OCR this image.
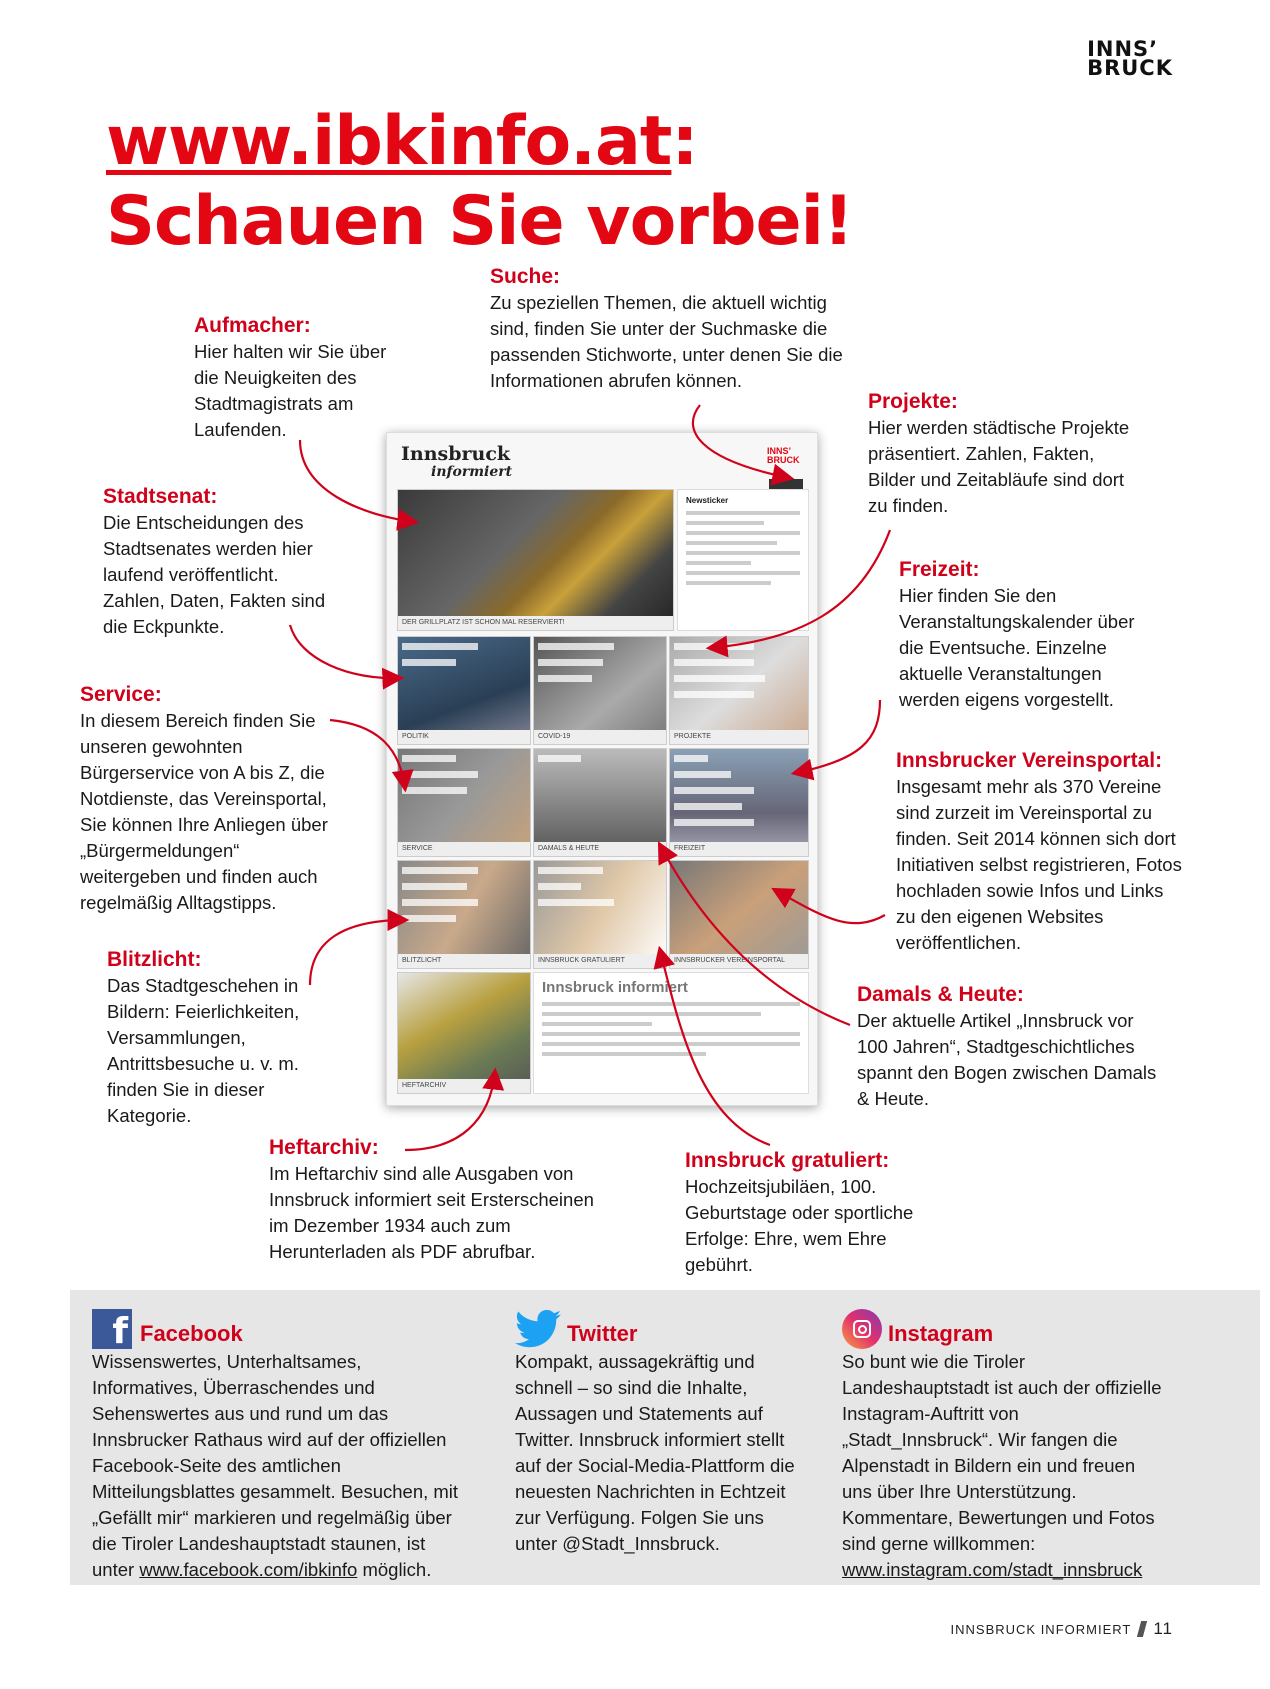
INNS’
BRUCK
www.ibkinfo.at:
Schauen Sie vorbei!
Suche:

Zu speziellen Themen, die aktuell wichtig sind, finden Sie unter der Suchmaske die passenden Stichworte, unter denen Sie die Informationen abrufen können.

Aufmacher:

Hier halten wir Sie über die Neuigkeiten des Stadtmagistrats am Laufenden.

Projekte:

Hier werden städtische Projekte präsentiert. Zahlen, Fakten, Bilder und Zeitabläufe sind dort zu finden.

Stadtsenat:

Die Entscheidungen des Stadtsenates werden hier laufend veröffentlicht. Zahlen, Daten, Fakten sind die Eckpunkte.

Freizeit:

Hier finden Sie den Veranstaltungskalender über die Eventsuche. Einzelne aktuelle Veranstaltungen werden eigens vorgestellt.

Service:

In diesem Bereich finden Sie unseren gewohnten Bürgerservice von A bis Z, die Notdienste, das Vereinsportal, Sie können Ihre Anliegen über „Bürgermeldungen“ weitergeben und finden auch regelmäßig Alltagstipps.

Innsbrucker Vereinsportal:

Insgesamt mehr als 370 Vereine sind zurzeit im Vereinsportal zu finden. Seit 2014 können sich dort Initiativen selbst registrieren, Fotos hochladen sowie Infos und Links zu den eigenen Websites veröffentlichen.

Blitzlicht:

Das Stadtgeschehen in Bildern: Feierlichkeiten, Versammlungen, Antrittsbesuche u. v. m. finden Sie in dieser Kategorie.

Damals & Heute:

Der aktuelle Artikel „Innsbruck vor 100 Jahren“, Stadtgeschichtliches spannt den Bogen zwischen Damals & Heute.

Heftarchiv:

Im Heftarchiv sind alle Ausgaben von Innsbruck informiert seit Ersterscheinen im Dezember 1934 auch zum Herunterladen als PDF abrufbar.

Innsbruck gratuliert:

Hochzeitsjubiläen, 100. Geburtstage oder sportliche Erfolge: Ehre, wem Ehre gebührt.

Innsbruck
informiert
INNS’ BRUCK
DER GRILLPLATZ IST SCHON MAL RESERVIERT!
Newsticker
POLITIK	COVID-19	PROJEKTE
SERVICE	DAMALS & HEUTE	FREIZEIT
BLITZLICHT	INNSBRUCK GRATULIERT	INNSBRUCKER VEREINSPORTAL
HEFTARCHIV
Innsbruck informiert
f Facebook

Wissenswertes, Unterhaltsames, Informatives, Überraschendes und Sehenswertes aus und rund um das Innsbrucker Rathaus wird auf der offiziellen Facebook-Seite des amtlichen Mitteilungsblattes gesammelt. Besuchen, mit „Gefällt mir“ markieren und regelmäßig über die Tiroler Landeshauptstadt staunen, ist unter www.facebook.com/ibkinfo möglich.

Twitter

Kompakt, aussagekräftig und schnell – so sind die Inhalte, Aussagen und Statements auf Twitter. Innsbruck informiert stellt auf der Social-Media-Plattform die neuesten Nachrichten in Echtzeit zur Verfügung. Folgen Sie uns unter @Stadt_Innsbruck.

Instagram

So bunt wie die Tiroler Landeshauptstadt ist auch der offizielle Instagram-Auftritt von „Stadt_Innsbruck“. Wir fangen die Alpenstadt in Bildern ein und freuen uns über Ihre Unterstützung. Kommentare, Bewertungen und Fotos sind gerne willkommen: www.instagram.com/stadt_innsbruck

INNSBRUCK INFORMIERT 11
